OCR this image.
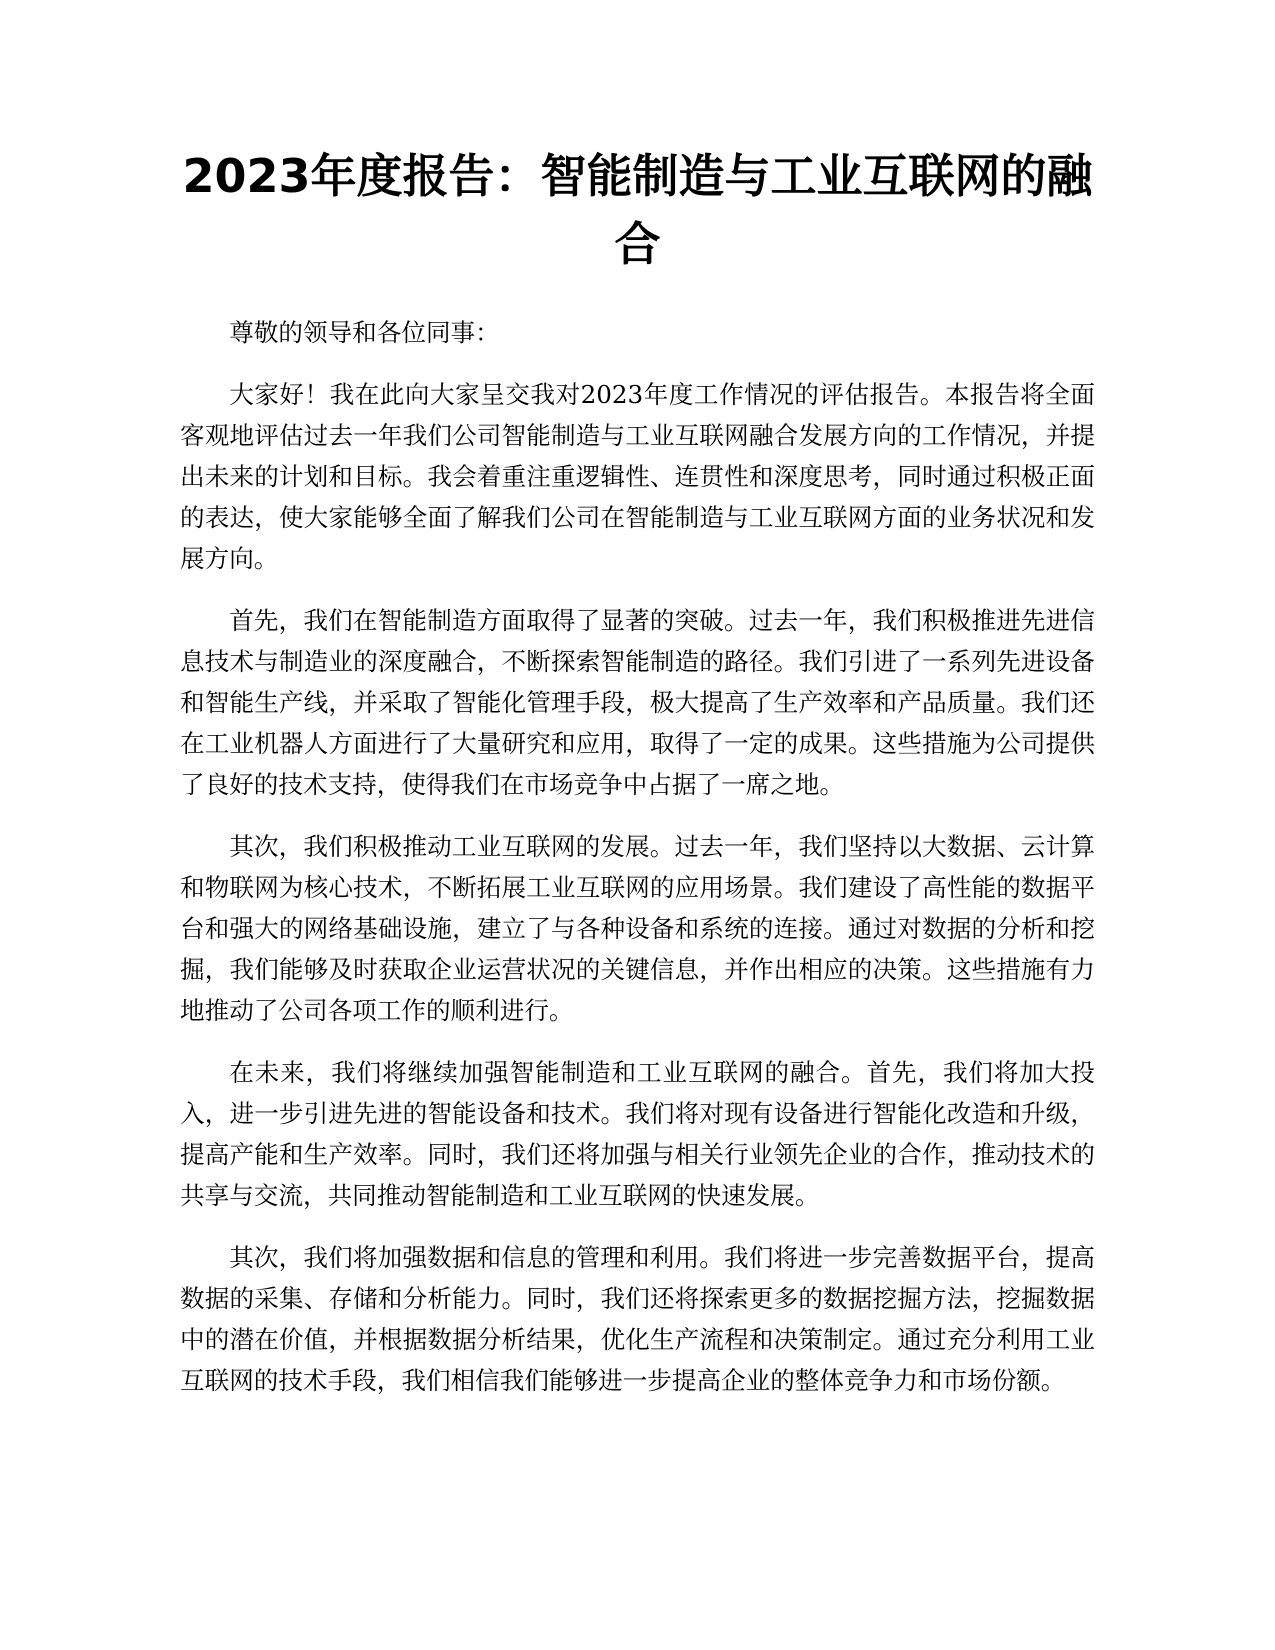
2023年度报告：智能制造与工业互联网的融合

尊敬的领导和各位同事：

大家好！我在此向大家呈交我对2023年度工作情况的评估报告。本报告将全面客观地评估过去一年我们公司智能制造与工业互联网融合发展方向的工作情况，并提出未来的计划和目标。我会着重注重逻辑性、连贯性和深度思考，同时通过积极正面的表达，使大家能够全面了解我们公司在智能制造与工业互联网方面的业务状况和发展方向。

首先，我们在智能制造方面取得了显著的突破。过去一年，我们积极推进先进信息技术与制造业的深度融合，不断探索智能制造的路径。我们引进了一系列先进设备和智能生产线，并采取了智能化管理手段，极大提高了生产效率和产品质量。我们还在工业机器人方面进行了大量研究和应用，取得了一定的成果。这些措施为公司提供了良好的技术支持，使得我们在市场竞争中占据了一席之地。

其次，我们积极推动工业互联网的发展。过去一年，我们坚持以大数据、云计算和物联网为核心技术，不断拓展工业互联网的应用场景。我们建设了高性能的数据平台和强大的网络基础设施，建立了与各种设备和系统的连接。通过对数据的分析和挖掘，我们能够及时获取企业运营状况的关键信息，并作出相应的决策。这些措施有力地推动了公司各项工作的顺利进行。

在未来，我们将继续加强智能制造和工业互联网的融合。首先，我们将加大投入，进一步引进先进的智能设备和技术。我们将对现有设备进行智能化改造和升级，提高产能和生产效率。同时，我们还将加强与相关行业领先企业的合作，推动技术的共享与交流，共同推动智能制造和工业互联网的快速发展。

其次，我们将加强数据和信息的管理和利用。我们将进一步完善数据平台，提高数据的采集、存储和分析能力。同时，我们还将探索更多的数据挖掘方法，挖掘数据中的潜在价值，并根据数据分析结果，优化生产流程和决策制定。通过充分利用工业互联网的技术手段，我们相信我们能够进一步提高企业的整体竞争力和市场份额。
